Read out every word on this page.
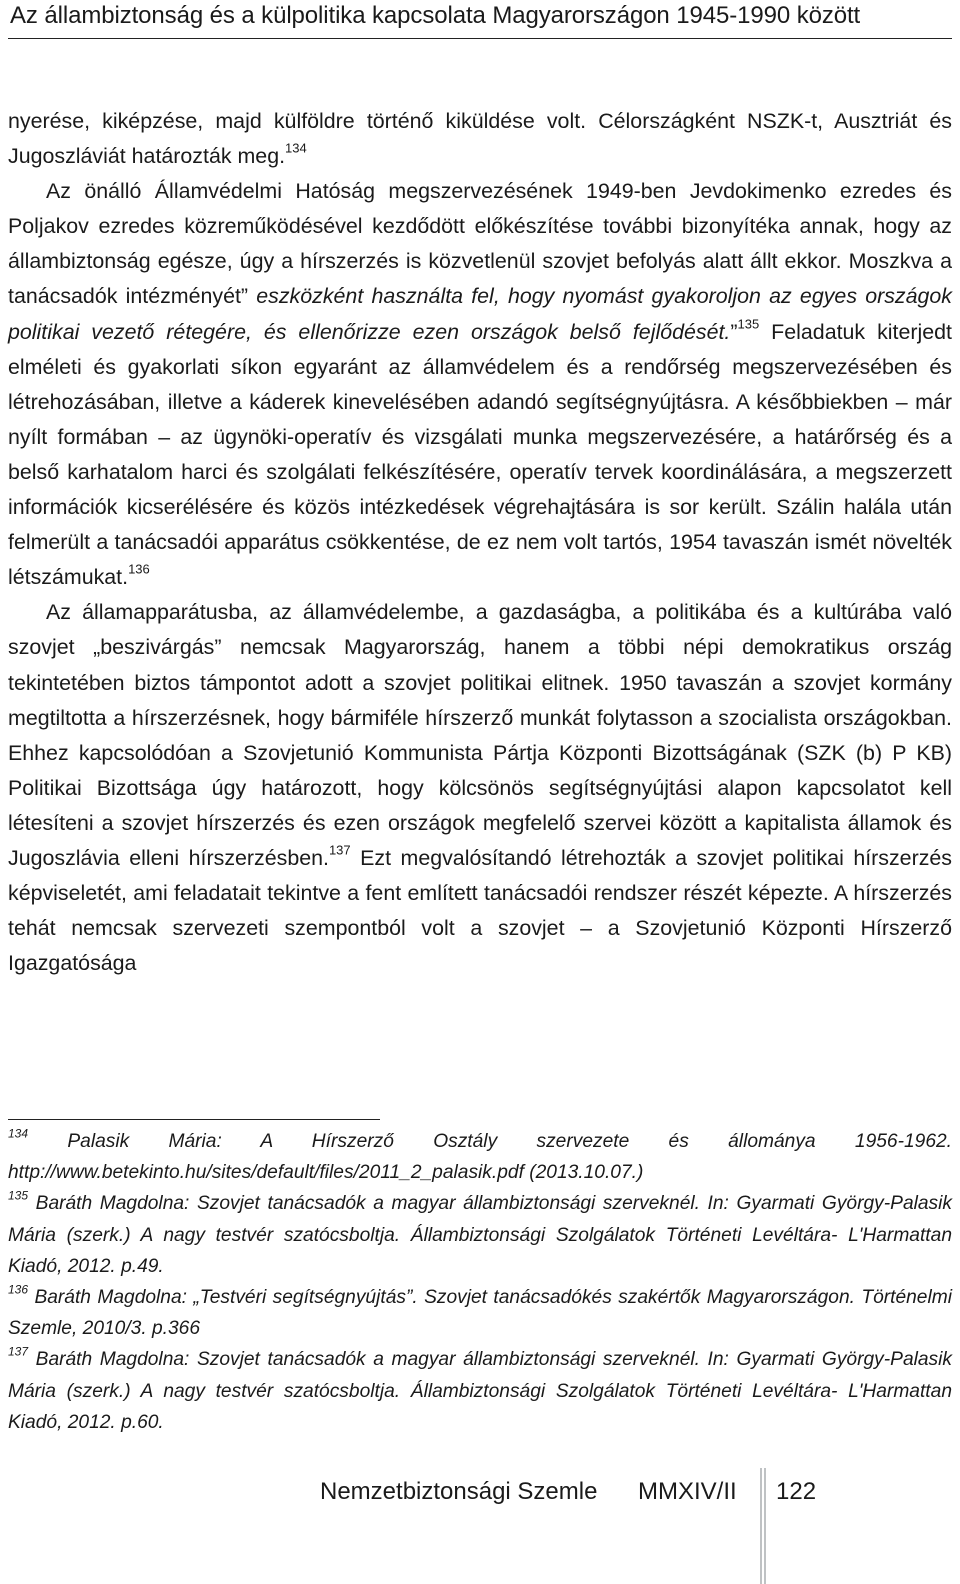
Az állambiztonság és a külpolitika kapcsolata Magyarországon 1945-1990 között

nyerése, kiképzése, majd külföldre történő kiküldése volt. Célországként NSZK-t, Ausztriát és Jugoszláviát határozták meg.$^{134}$

Az önálló Államvédelmi Hatóság megszervezésének 1949-ben Jevdokimenko ezredes és Poljakov ezredes közreműködésével kezdődött előkészítése további bizonyítéka annak, hogy az állambiztonság egésze, úgy a hírszerzés is közvetlenül szovjet befolyás alatt állt ekkor. Moszkva a tanácsadók intézményét” eszközként használta fel, hogy nyomást gyakoroljon az egyes országok politikai vezető rétegére, és ellenőrizze ezen országok belső fejlődését.”$^{135}$ Feladatuk kiterjedt elméleti és gyakorlati síkon egyaránt az államvédelem és a rendőrség megszervezésében és létrehozásában, illetve a káderek kinevelésében adandó segítségnyújtásra. A későbbiekben – már nyílt formában – az ügynöki-operatív és vizsgálati munka megszervezésére, a határőrség és a belső karhatalom harci és szolgálati felkészítésére, operatív tervek koordinálására, a megszerzett információk kicserélésére és közös intézkedések végrehajtására is sor került. Szálin halála után felmerült a tanácsadói apparátus csökkentése, de ez nem volt tartós, 1954 tavaszán ismét növelték létszámukat.$^{136}$

Az államapparátusba, az államvédelembe, a gazdaságba, a politikába és a kultúrába való szovjet „beszivárgás” nemcsak Magyarország, hanem a többi népi demokratikus ország tekintetében biztos támpontot adott a szovjet politikai elitnek. 1950 tavaszán a szovjet kormány megtiltotta a hírszerzésnek, hogy bármiféle hírszerző munkát folytasson a szocialista országokban. Ehhez kapcsolódóan a Szovjetunió Kommunista Pártja Központi Bizottságának (SZK (b) P KB) Politikai Bizottsága úgy határozott, hogy kölcsönös segítségnyújtási alapon kapcsolatot kell létesíteni a szovjet hírszerzés és ezen országok megfelelő szervei között a kapitalista államok és Jugoszlávia elleni hírszerzésben.$^{137}$ Ezt megvalósítandó létrehozták a szovjet politikai hírszerzés képviseletét, ami feladatait tekintve a fent említett tanácsadói rendszer részét képezte. A hírszerzés tehát nemcsak szervezeti szempontból volt a szovjet – a Szovjetunió Központi Hírszerző Igazgatósága

$^{134}$ Palasik Mária: A Hírszerző Osztály szervezete és állománya 1956-1962. http://www.betekinto.hu/sites/default/files/2011_2_palasik.pdf (2013.10.07.)

$^{135}$ Baráth Magdolna: Szovjet tanácsadók a magyar állambiztonsági szerveknél. In: Gyarmati György-Palasik Mária (szerk.) A nagy testvér szatócsboltja. Állambiztonsági Szolgálatok Történeti Levéltára- L'Harmattan Kiadó, 2012. p.49.

$^{136}$ Baráth Magdolna: „Testvéri segítségnyújtás”. Szovjet tanácsadókés szakértők Magyarországon. Történelmi Szemle, 2010/3. p.366

$^{137}$ Baráth Magdolna: Szovjet tanácsadók a magyar állambiztonsági szerveknél. In: Gyarmati György-Palasik Mária (szerk.) A nagy testvér szatócsboltja. Állambiztonsági Szolgálatok Történeti Levéltára- L'Harmattan Kiadó, 2012. p.60.

Nemzetbiztonsági Szemle MMXIV/II 122
